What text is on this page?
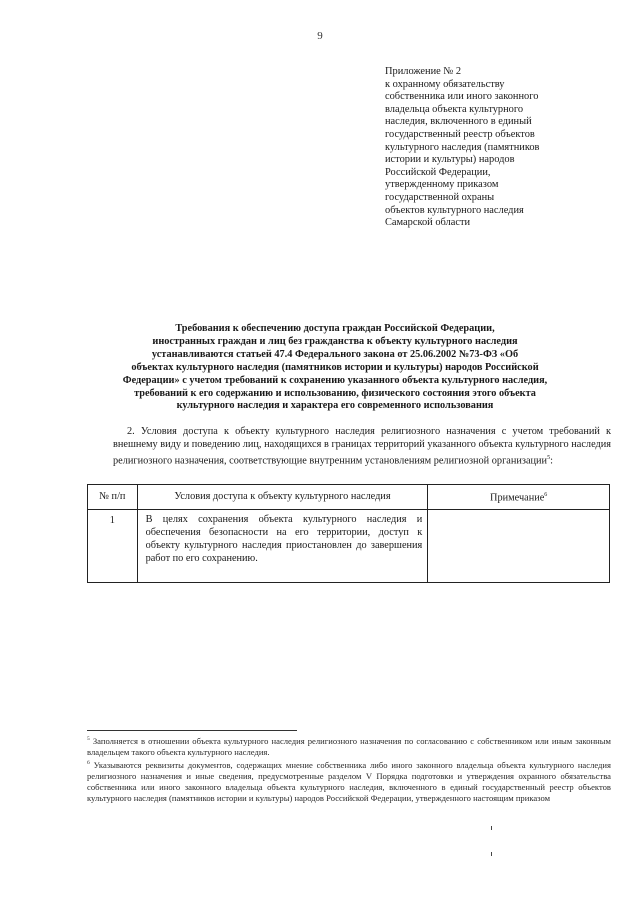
9
Приложение № 2
к охранному обязательству
собственника или иного законного
владельца объекта культурного
наследия, включенного в единый
государственный реестр объектов
культурного наследия (памятников
истории и культуры) народов
Российской Федерации,
утвержденному приказом
государственной охраны
объектов культурного наследия
Самарской области
Требования к обеспечению доступа граждан Российской Федерации,
иностранных граждан и лиц без гражданства к объекту культурного наследия
устанавливаются статьей 47.4 Федерального закона от 25.06.2002 №73-ФЗ «Об
объектах культурного наследия (памятников истории и культуры) народов Российской
Федерации» с учетом требований к сохранению указанного объекта культурного наследия,
требований к его содержанию и использованию, физического состояния этого объекта
культурного наследия и характера его современного использования
2. Условия доступа к объекту культурного наследия религиозного назначения с учетом требований к внешнему виду и поведению лиц, находящихся в границах территорий указанного объекта культурного наследия религиозного назначения, соответствующие внутренним установлениям религиозной организации$^5$:
№ п/п	Условия доступа к объекту культурного наследия	Примечание$^6$
1	В целях сохранения объекта культурного наследия и обеспечения безопасности на его территории, доступ к объекту культурного наследия приостановлен до завершения работ по его сохранению.	

$^5$ Заполняется в отношении объекта культурного наследия религиозного назначения по согласованию с собственником или иным законным владельцем такого объекта культурного наследия.

$^6$ Указываются реквизиты документов, содержащих мнение собственника либо иного законного владельца объекта культурного наследия религиозного назначения и иные сведения, предусмотренные разделом V Порядка подготовки и утверждения охранного обязательства собственника или иного законного владельца объекта культурного наследия, включенного в единый государственный реестр объектов культурного наследия (памятников истории и культуры) народов Российской Федерации, утвержденного настоящим приказом
